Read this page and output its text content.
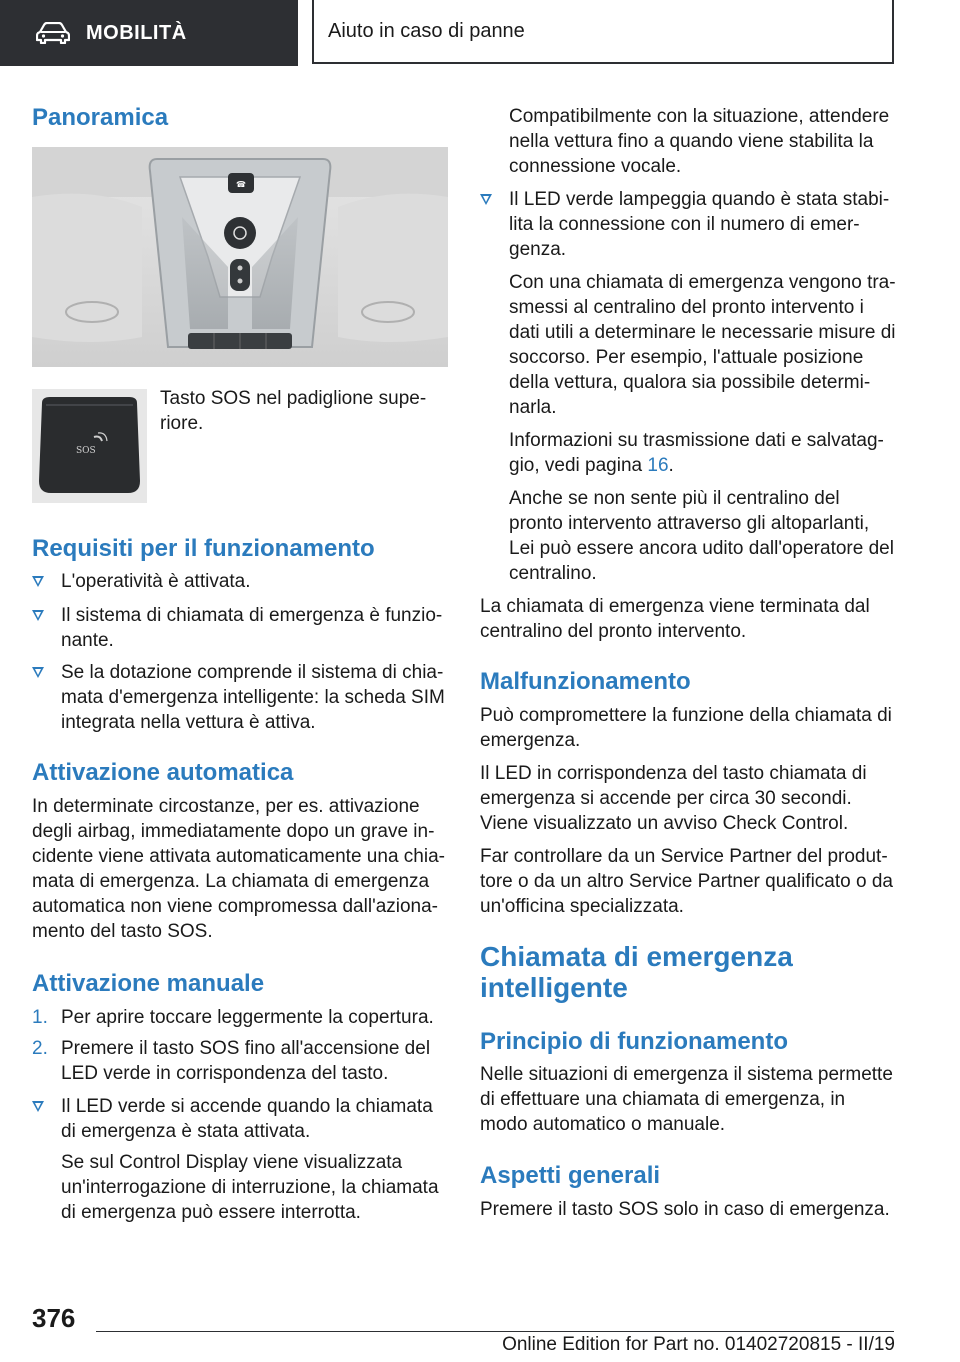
MOBILITÀ	Aiuto in caso di panne
Panoramica
☎
SOS

Tasto SOS nel padiglione supe‐

riore.

Requisiti per il funzionamento
L'operatività è attivata.
Il sistema di chiamata di emergenza è funzio‐
nante.
Se la dotazione comprende il sistema di chia‐
mata d'emergenza intelligente: la scheda SIM
integrata nella vettura è attiva.
Attivazione automatica

In determinate circostanze, per es. attivazione

degli airbag, immediatamente dopo un grave in‐

cidente viene attivata automaticamente una chia‐

mata di emergenza. La chiamata di emergenza

automatica non viene compromessa dall'aziona‐

mento del tasto SOS.

Attivazione manuale
1. Per aprire toccare leggermente la copertura.
2. Premere il tasto SOS fino all'accensione del
LED verde in corrispondenza del tasto.
Il LED verde si accende quando la chiamata
di emergenza è stata attivata.

Se sul Control Display viene visualizzata

un'interrogazione di interruzione, la chiamata

di emergenza può essere interrotta.

Compatibilmente con la situazione, attendere

nella vettura fino a quando viene stabilita la

connessione vocale.

Il LED verde lampeggia quando è stata stabi‐
lita la connessione con il numero di emer‐
genza.

Con una chiamata di emergenza vengono tra‐

smessi al centralino del pronto intervento i

dati utili a determinare le necessarie misure di

soccorso. Per esempio, l'attuale posizione

della vettura, qualora sia possibile determi‐

narla.

Informazioni su trasmissione dati e salvatag‐

gio, vedi pagina 16.

Anche se non sente più il centralino del

pronto intervento attraverso gli altoparlanti,

Lei può essere ancora udito dall'operatore del

centralino.

La chiamata di emergenza viene terminata dal

centralino del pronto intervento.

Malfunzionamento

Può compromettere la funzione della chiamata di

emergenza.

Il LED in corrispondenza del tasto chiamata di

emergenza si accende per circa 30 secondi.

Viene visualizzato un avviso Check Control.

Far controllare da un Service Partner del produt‐

tore o da un altro Service Partner qualificato o da

un'officina specializzata.

Chiamata di emergenza
intelligente
Principio di funzionamento

Nelle situazioni di emergenza il sistema permette

di effettuare una chiamata di emergenza, in

modo automatico o manuale.

Aspetti generali

Premere il tasto SOS solo in caso di emergenza.

376
Online Edition for Part no. 01402720815 - II/19
